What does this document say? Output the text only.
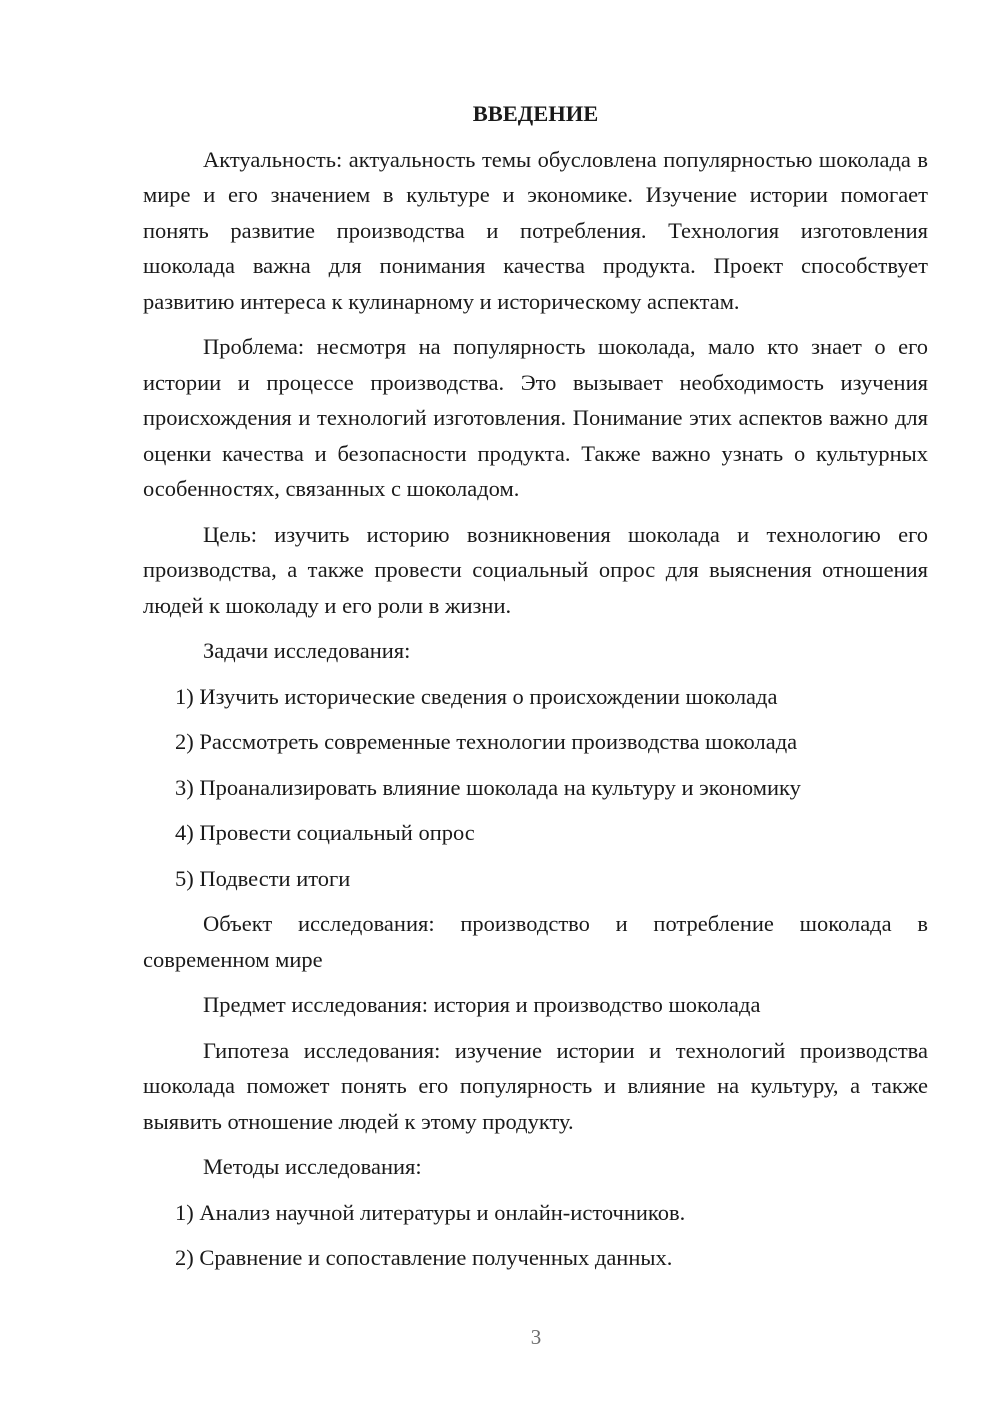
ВВЕДЕНИЕ

Актуальность: актуальность темы обусловлена популярностью шоколада в мире и его значением в культуре и экономике. Изучение истории помогает понять развитие производства и потребления. Технология изготовления шоколада важна для понимания качества продукта. Проект способствует развитию интереса к кулинарному и историческому аспектам.

Проблема: несмотря на популярность шоколада, мало кто знает о его истории и процессе производства. Это вызывает необходимость изучения происхождения и технологий изготовления. Понимание этих аспектов важно для оценки качества и безопасности продукта. Также важно узнать о культурных особенностях, связанных с шоколадом.

Цель: изучить историю возникновения шоколада и технологию его производства, а также провести социальный опрос для выяснения отношения людей к шоколаду и его роли в жизни.

Задачи исследования:

1) Изучить исторические сведения о происхождении шоколада

2) Рассмотреть современные технологии производства шоколада

3) Проанализировать влияние шоколада на культуру и экономику

4) Провести социальный опрос

5) Подвести итоги

Объект исследования: производство и потребление шоколада в современном мире

Предмет исследования: история и производство шоколада

Гипотеза исследования: изучение истории и технологий производства шоколада поможет понять его популярность и влияние на культуру, а также выявить отношение людей к этому продукту.

Методы исследования:

1) Анализ научной литературы и онлайн-источников.

2) Сравнение и сопоставление полученных данных.

3
